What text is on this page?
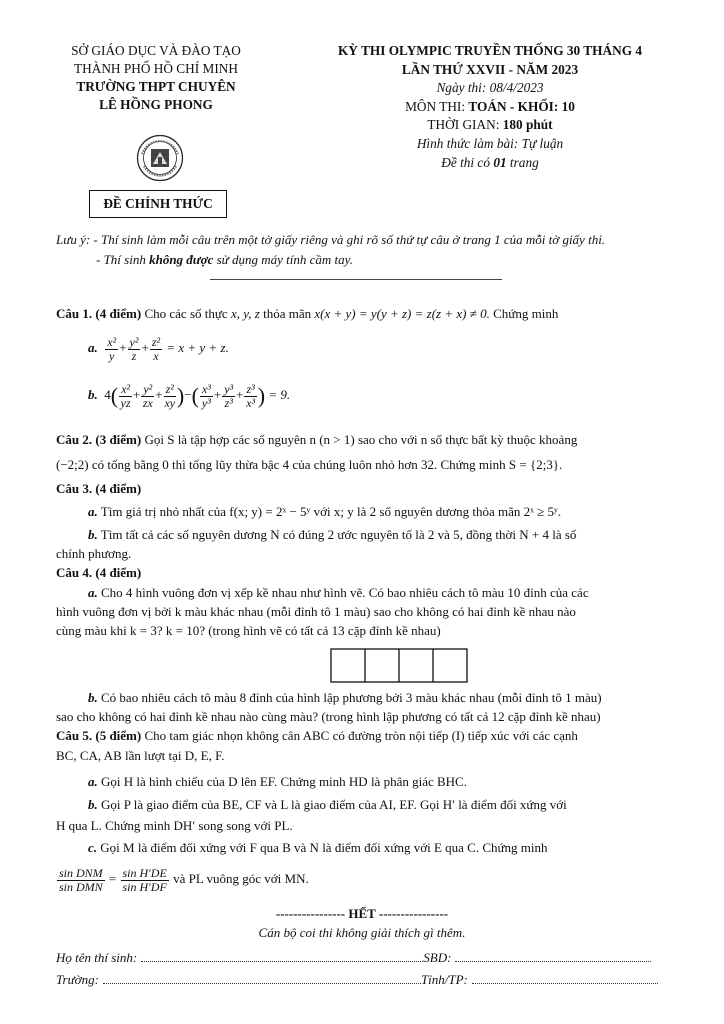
SỞ GIÁO DỤC VÀ ĐÀO TẠO
THÀNH PHỐ HỒ CHÍ MINH
TRƯỜNG THPT CHUYÊN
LÊ HỒNG PHONG
ĐỀ CHÍNH THỨC
KỲ THI OLYMPIC TRUYỀN THỐNG 30 THÁNG 4
LẦN THỨ XXVII - NĂM 2023
Ngày thi: 08/4/2023
MÔN THI: TOÁN - KHỐI: 10
THỜI GIAN: 180 phút
Hình thức làm bài: Tự luận
Đề thi có 01 trang
Lưu ý: - Thí sinh làm mỗi câu trên một tờ giấy riêng và ghi rõ số thứ tự câu ở trang 1 của mỗi tờ giấy thi.
- Thí sinh không được sử dụng máy tính cầm tay.
Câu 1. (4 điểm) Cho các số thực x, y, z thỏa mãn x(x + y) = y(y + z) = z(z + x) ≠ 0. Chứng minh
a. $\frac{\text{x²}}{y} + \frac{\text{y²}}{z} + \frac{\text{z²}}{x} = x + y + z$.
b.  $4( \frac{\text{x²}}{yz} + \frac{\text{y²}}{zx} + \frac{\text{z²}}{xy}$ )−( $\frac{\text{x³}}{\text{y³}} + \frac{\text{y³}}{\text{z³}} + \frac{\text{z³}}{\text{x³}}$ ) = 9.
Câu 2. (3 điểm) Gọi S là tập hợp các số nguyên n (n > 1) sao cho với n số thực bất kỳ thuộc khoảng
(−2;2) có tổng bằng 0 thì tổng lũy thừa bậc 4 của chúng luôn nhỏ hơn 32. Chứng minh S = {2;3}.
Câu 3. (4 điểm)
a. Tìm giá trị nhỏ nhất của f(x; y) = 2ˣ − 5ʸ với x; y là 2 số nguyên dương thỏa mãn 2ˣ ≥ 5ʸ.
b. Tìm tất cả các số nguyên dương N có đúng 2 ước nguyên tố là 2 và 5, đồng thời N + 4 là số
chính phương.
Câu 4. (4 điểm)
a. Cho 4 hình vuông đơn vị xếp kề nhau như hình vẽ. Có bao nhiêu cách tô màu 10 đỉnh của các
hình vuông đơn vị bởi k màu khác nhau (mỗi đỉnh tô 1 màu) sao cho không có hai đỉnh kề nhau nào
cùng màu khi k = 3? k = 10? (trong hình vẽ có tất cả 13 cặp đỉnh kề nhau)
b. Có bao nhiêu cách tô màu 8 đỉnh của hình lập phương bởi 3 màu khác nhau (mỗi đỉnh tô 1 màu)
sao cho không có hai đỉnh kề nhau nào cùng màu? (trong hình lập phương có tất cả 12 cặp đỉnh kề nhau)
Câu 5. (5 điểm) Cho tam giác nhọn không cân ABC có đường tròn nội tiếp (I) tiếp xúc với các cạnh
BC, CA, AB lần lượt tại D, E, F.
a. Gọi H là hình chiếu của D lên EF. Chứng minh HD là phân giác BHC.
b. Gọi P là giao điểm của BE, CF và L là giao điểm của AI, EF. Gọi H′ là điểm đối xứng với
H qua L. Chứng minh DH′ song song với PL.
c. Gọi M là điểm đối xứng với F qua B và N là điểm đối xứng với E qua C. Chứng minh
$\frac{\text{sin DNM}}{\text{sin DMN}} = \frac{\text{sin H′DE}}{\text{sin H′DF}}$ và PL vuông góc với MN.
---------------- HẾT ----------------
Cán bộ coi thi không giải thích gì thêm.
Họ tên thí sinh:	SBD:
Trường:	Tỉnh/TP:
